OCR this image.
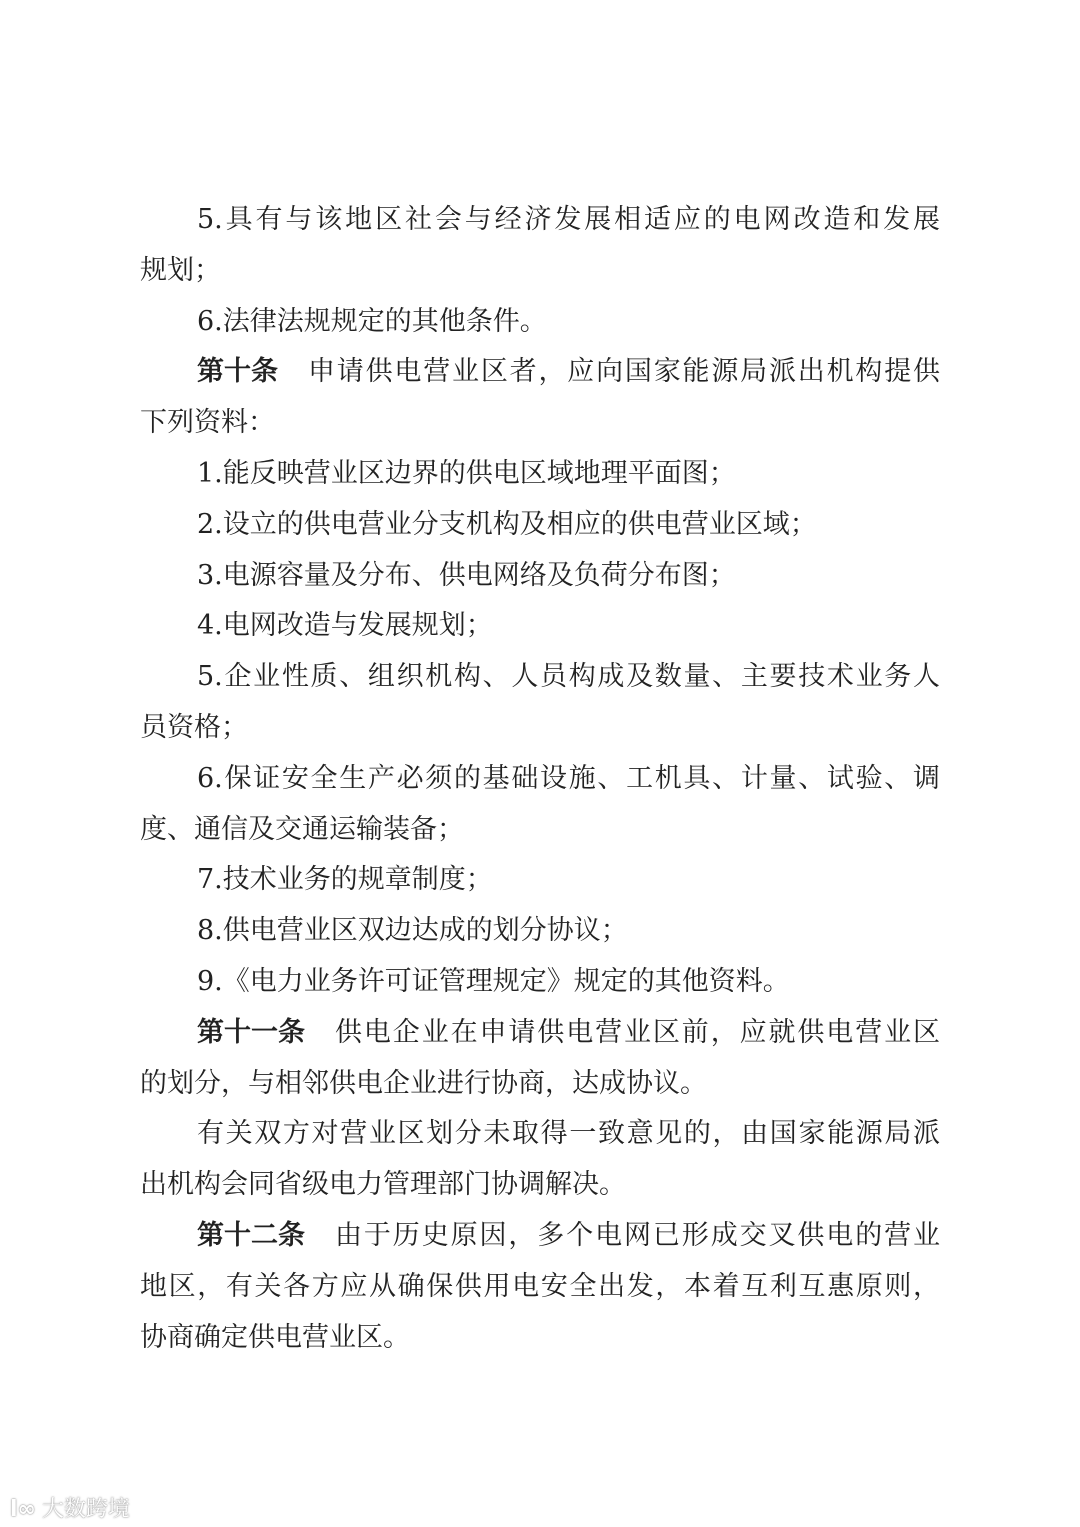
5.具有与该地区社会与经济发展相适应的电网改造和发展
规划；
6.法律法规规定的其他条件。
第十条 申请供电营业区者，应向国家能源局派出机构提供
下列资料：
1.能反映营业区边界的供电区域地理平面图；
2.设立的供电营业分支机构及相应的供电营业区域；
3.电源容量及分布、供电网络及负荷分布图；
4.电网改造与发展规划；
5.企业性质、组织机构、人员构成及数量、主要技术业务人
员资格；
6.保证安全生产必须的基础设施、工机具、计量、试验、调
度、通信及交通运输装备；
7.技术业务的规章制度；
8.供电营业区双边达成的划分协议；
9.《电力业务许可证管理规定》规定的其他资料。
第十一条 供电企业在申请供电营业区前，应就供电营业区
的划分，与相邻供电企业进行协商，达成协议。
有关双方对营业区划分未取得一致意见的，由国家能源局派
出机构会同省级电力管理部门协调解决。
第十二条 由于历史原因，多个电网已形成交叉供电的营业
地区，有关各方应从确保供用电安全出发，本着互利互惠原则，
协商确定供电营业区。
l∞ 大数跨境
